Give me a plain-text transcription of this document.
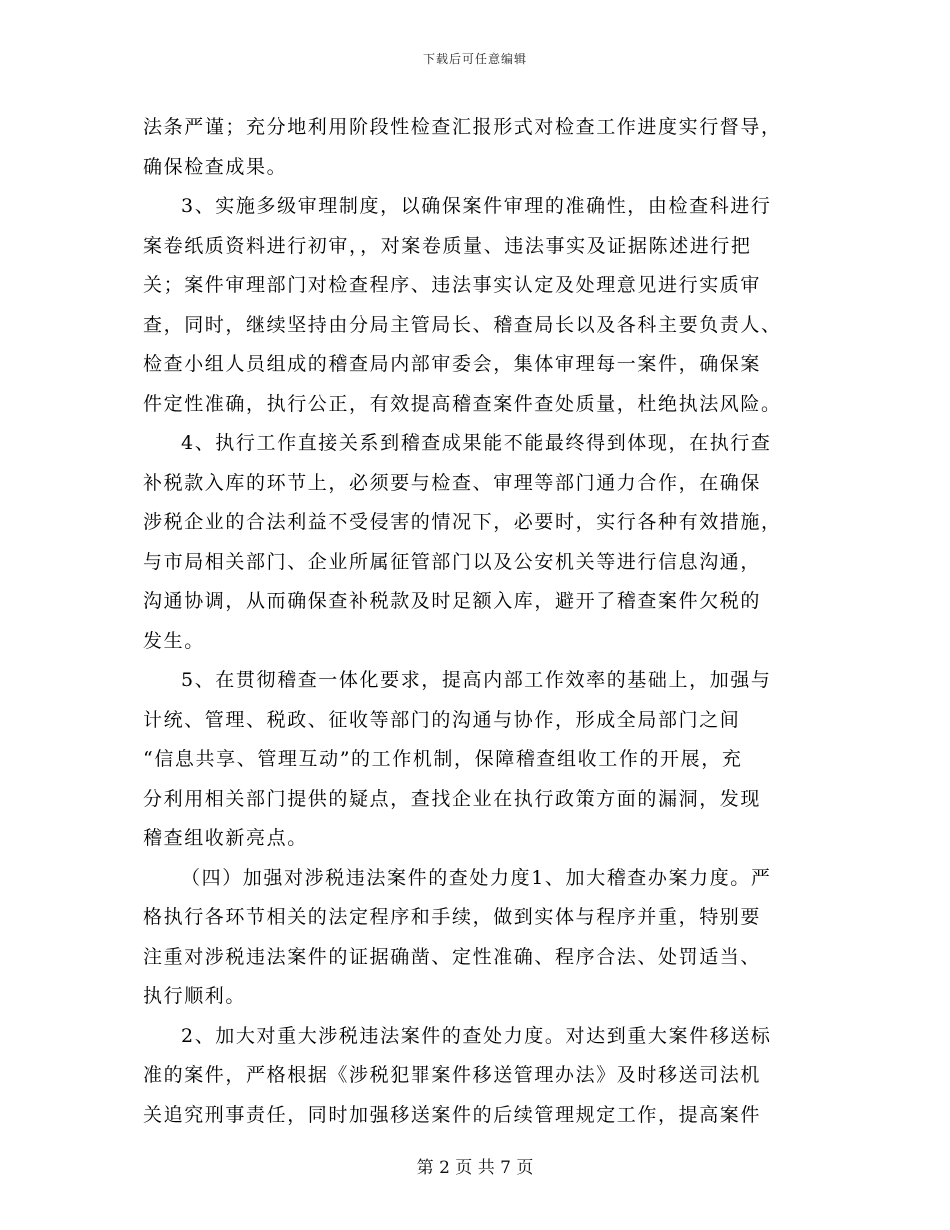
下载后可任意编辑
法条严谨；充分地利用阶段性检查汇报形式对检查工作进度实行督导，
确保检查成果。
3、实施多级审理制度，以确保案件审理的准确性，由检查科进行
案卷纸质资料进行初审，，对案卷质量、违法事实及证据陈述进行把
关；案件审理部门对检查程序、违法事实认定及处理意见进行实质审
查，同时，继续坚持由分局主管局长、稽查局长以及各科主要负责人、
检查小组人员组成的稽查局内部审委会，集体审理每一案件，确保案
件定性准确，执行公正，有效提高稽查案件查处质量，杜绝执法风险。
4、执行工作直接关系到稽查成果能不能最终得到体现，在执行查
补税款入库的环节上，必须要与检查、审理等部门通力合作，在确保
涉税企业的合法利益不受侵害的情况下，必要时，实行各种有效措施，
与市局相关部门、企业所属征管部门以及公安机关等进行信息沟通，
沟通协调，从而确保查补税款及时足额入库，避开了稽查案件欠税的
发生。
5、在贯彻稽查一体化要求，提高内部工作效率的基础上，加强与
计统、管理、税政、征收等部门的沟通与协作，形成全局部门之间
“信息共享、管理互动”的工作机制，保障稽查组收工作的开展，充
分利用相关部门提供的疑点，查找企业在执行政策方面的漏洞，发现
稽查组收新亮点。
（四）加强对涉税违法案件的查处力度1、加大稽查办案力度。严
格执行各环节相关的法定程序和手续，做到实体与程序并重，特别要
注重对涉税违法案件的证据确凿、定性准确、程序合法、处罚适当、
执行顺利。
2、加大对重大涉税违法案件的查处力度。对达到重大案件移送标
准的案件，严格根据《涉税犯罪案件移送管理办法》及时移送司法机
关追究刑事责任，同时加强移送案件的后续管理规定工作，提高案件
第 2 页 共 7 页
